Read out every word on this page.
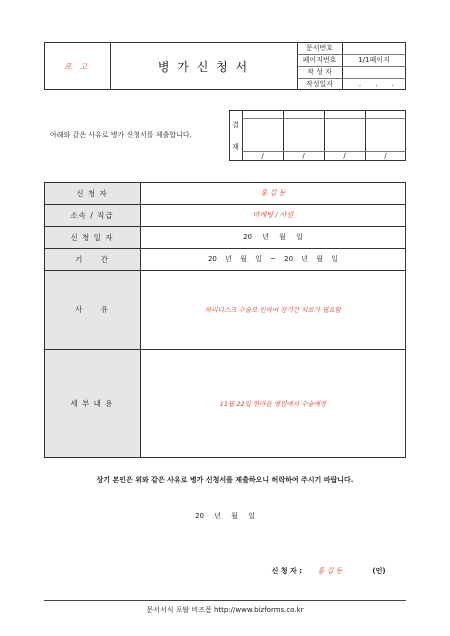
로 고	병 가 신 청 서
문서번호
페이지번호	1/1페이지
작 성 자
작성일자	. . .
아래와 같은 사유로 병가 신청서를 제출합니다.
결 재
/	/	/	/
신 청 자	홍 길 동
소속 / 직급	마케팅 / 사원
신 청 일 자	20 년 월 일
기 간	20 년 월 일 ~ 20 년 월 일
사 유	하리디스크 수술로 인하여 장기간 치료가 필요함
세 부 내 용	11월 22일 한마음 병원에서 수술예정
상기 본인은 위와 같은 사유로 병가 신청서를 제출하오니 허락하여 주시기 바랍니다.
20 년 월 일
신 청 자 :	홍 길 동	(인)
문서서식 포탈 비즈폼 http://www.bizforms.co.kr
